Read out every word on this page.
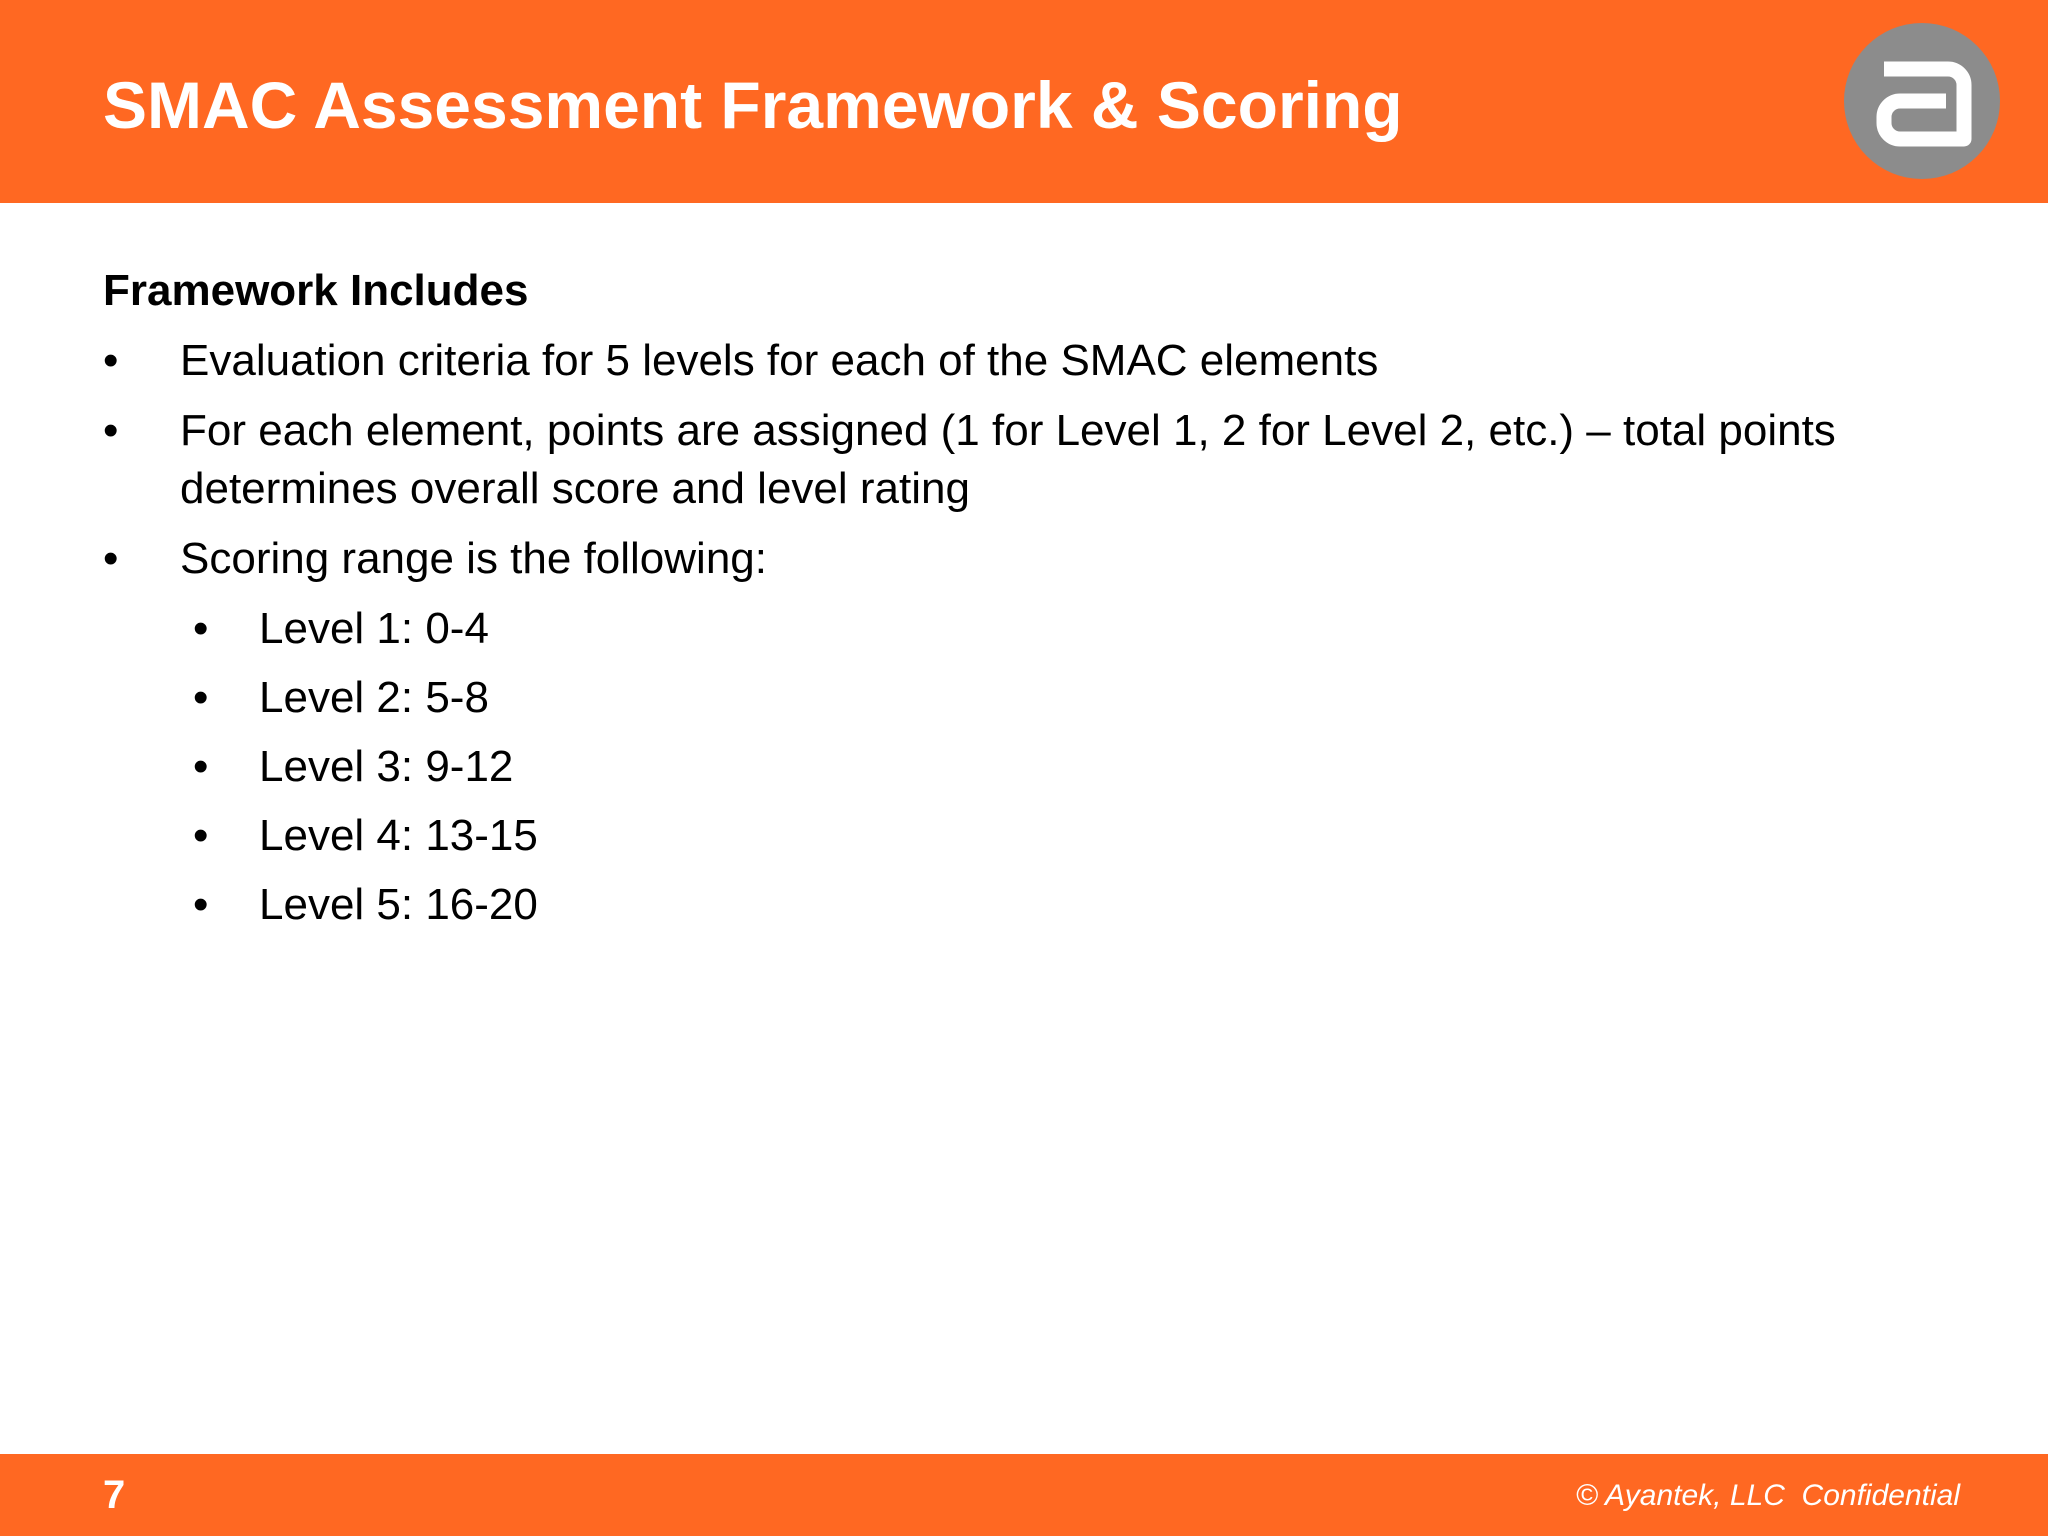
SMAC Assessment Framework & Scoring

Framework Includes

• Evaluation criteria for 5 levels for each of the SMAC elements
• For each element, points are assigned (1 for Level 1, 2 for Level 2, etc.) – total points determines overall score and level rating
• Scoring range is the following:
• Level 1: 0-4
• Level 2: 5-8
• Level 3: 9-12
• Level 4: 13-15
• Level 5: 16-20
7	© Ayantek, LLC  Confidential
